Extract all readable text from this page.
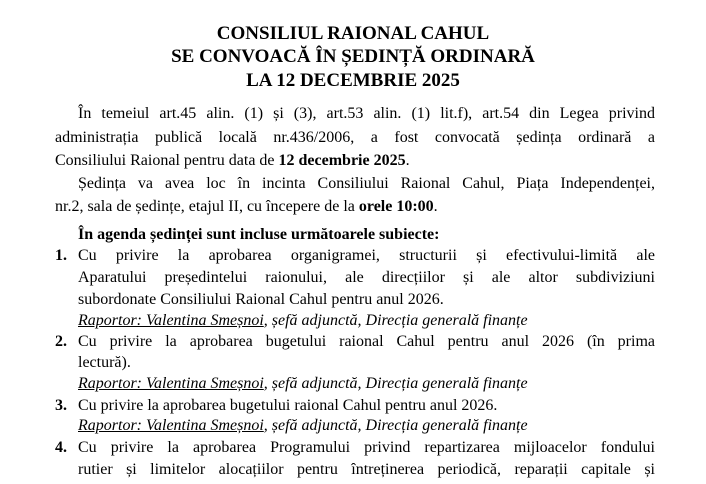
CONSILIUL RAIONAL CAHUL
SE CONVOACĂ ÎN ȘEDINȚĂ ORDINARĂ
LA 12 DECEMBRIE 2025
În temeiul art.45 alin. (1) și (3), art.53 alin. (1) lit.f), art.54 din Legea privind
administrația publică locală nr.436/2006, a fost convocată ședința ordinară a
Consiliului Raional pentru data de 12 decembrie 2025.
Ședința va avea loc în incinta Consiliului Raional Cahul, Piața Independenței,
nr.2, sala de ședințe, etajul II, cu începere de la orele 10:00.
În agenda ședinței sunt incluse următoarele subiecte:
1. Cu privire la aprobarea organigramei, structurii și efectivului-limită ale
Aparatului președintelui raionului, ale direcțiilor și ale altor subdiviziuni
subordonate Consiliului Raional Cahul pentru anul 2026.
Raportor: Valentina Smeșnoi, șefă adjunctă, Direcția generală finanțe
2. Cu privire la aprobarea bugetului raional Cahul pentru anul 2026 (în prima
lectură).
Raportor: Valentina Smeșnoi, șefă adjunctă, Direcția generală finanțe
3. Cu privire la aprobarea bugetului raional Cahul pentru anul 2026.
Raportor: Valentina Smeșnoi, șefă adjunctă, Direcția generală finanțe
4. Cu privire la aprobarea Programului privind repartizarea mijloacelor fondului
rutier și limitelor alocațiilor pentru întreținerea periodică, reparații capitale și
